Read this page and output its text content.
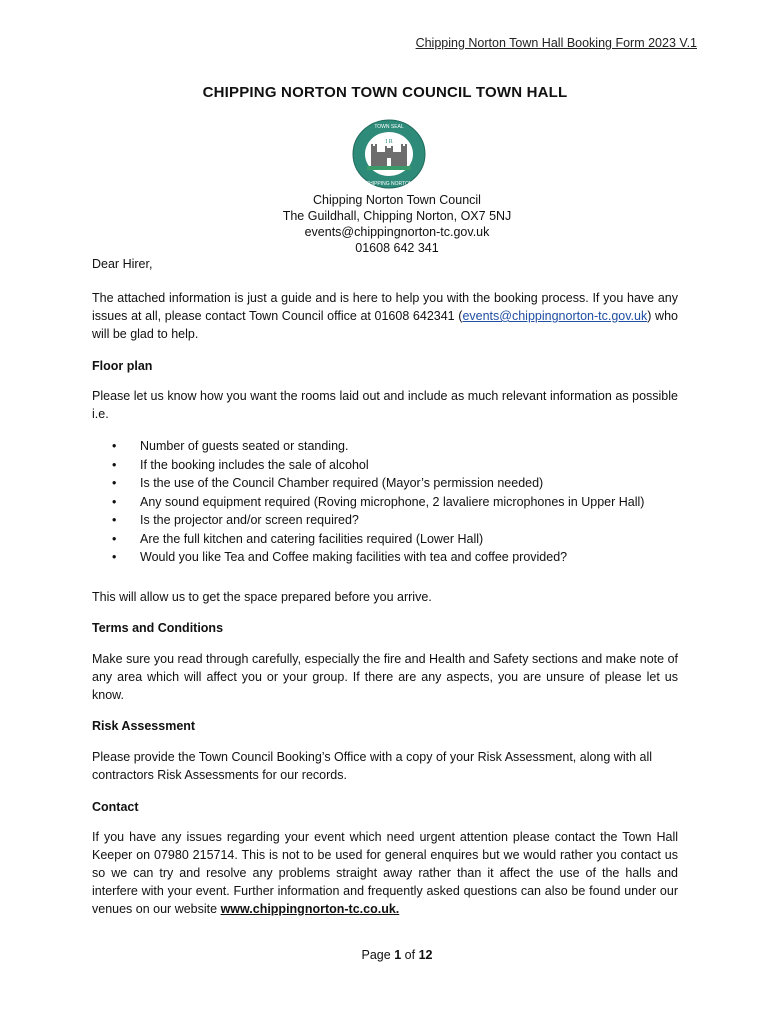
Chipping Norton Town Hall Booking Form 2023 V.1
CHIPPING NORTON TOWN COUNCIL TOWN HALL
TOWN SEAL
CHIPPING NORTON
I R
Chipping Norton Town Council
The Guildhall, Chipping Norton, OX7 5NJ
events@chippingnorton-tc.gov.uk
01608 642 341
Dear Hirer,
The attached information is just a guide and is here to help you with the booking process. If you have any issues at all, please contact Town Council office at 01608 642341 (events@chippingnorton-tc.gov.uk) who will be glad to help.
Floor plan
Please let us know how you want the rooms laid out and include as much relevant information as possible i.e.
•	Number of guests seated or standing.
•	If the booking includes the sale of alcohol
•	Is the use of the Council Chamber required (Mayor’s permission needed)
•	Any sound equipment required (Roving microphone, 2 lavaliere microphones in Upper Hall)
•	Is the projector and/or screen required?
•	Are the full kitchen and catering facilities required (Lower Hall)
•	Would you like Tea and Coffee making facilities with tea and coffee provided?
This will allow us to get the space prepared before you arrive.
Terms and Conditions
Make sure you read through carefully, especially the fire and Health and Safety sections and make note of any area which will affect you or your group. If there are any aspects, you are unsure of please let us know.
Risk Assessment
Please provide the Town Council Booking’s Office with a copy of your Risk Assessment, along with all contractors Risk Assessments for our records.
Contact
If you have any issues regarding your event which need urgent attention please contact the Town Hall Keeper on 07980 215714. This is not to be used for general enquires but we would rather you contact us so we can try and resolve any problems straight away rather than it affect the use of the halls and interfere with your event. Further information and frequently asked questions can also be found under our venues on our website www.chippingnorton-tc.co.uk.
Page 1 of 12
